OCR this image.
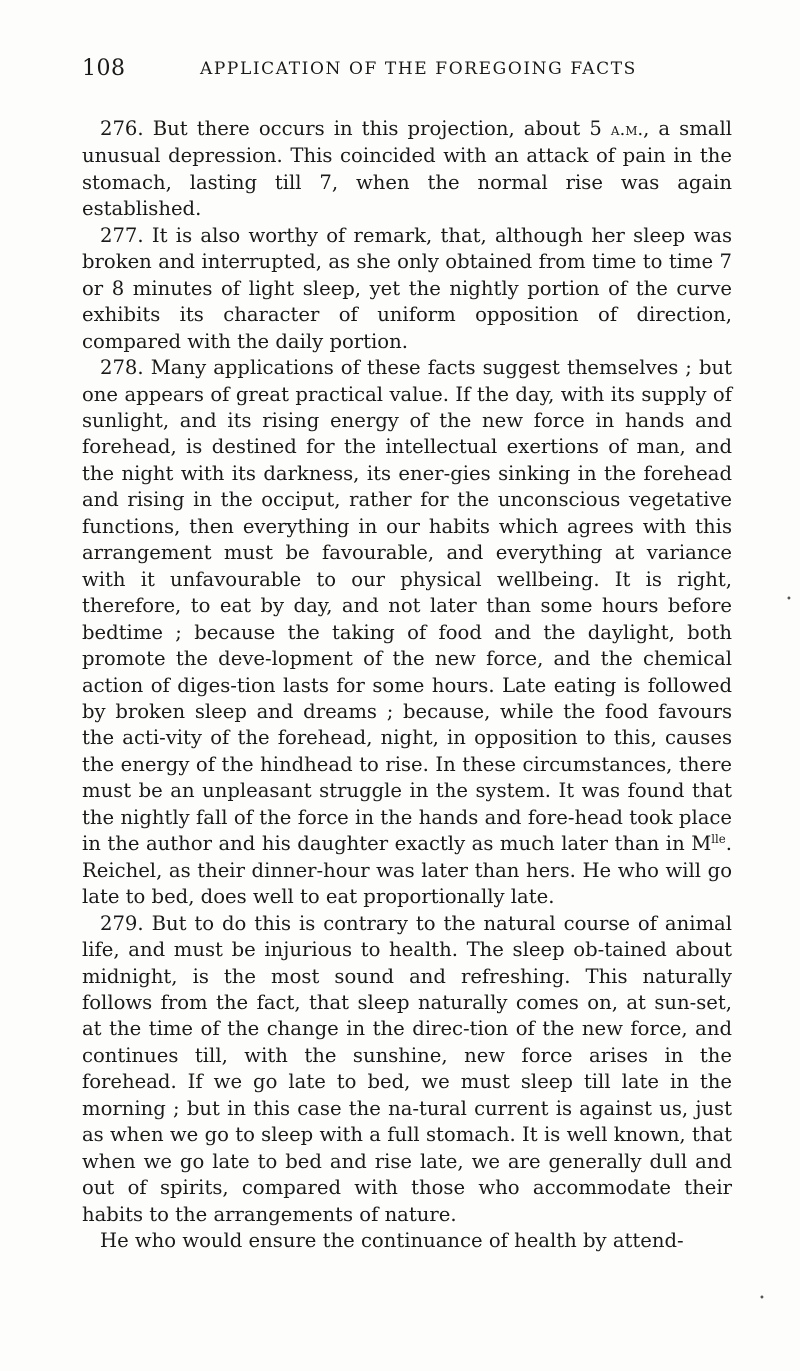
108	APPLICATION OF THE FOREGOING FACTS

276. But there occurs in this projection, about 5 a.m., a small unusual depression. This coincided with an attack of pain in the stomach, lasting till 7, when the normal rise was again established.

277. It is also worthy of remark, that, although her sleep was broken and interrupted, as she only obtained from time to time 7 or 8 minutes of light sleep, yet the nightly portion of the curve exhibits its character of uniform opposition of direction, compared with the daily portion.

278. Many applications of these facts suggest themselves ; but one appears of great practical value. If the day, with its supply of sunlight, and its rising energy of the new force in hands and forehead, is destined for the intellectual exertions of man, and the night with its darkness, its ener-gies sinking in the forehead and rising in the occiput, rather for the unconscious vegetative functions, then everything in our habits which agrees with this arrangement must be favourable, and everything at variance with it unfavourable to our physical wellbeing. It is right, therefore, to eat by day, and not later than some hours before bedtime ; because the taking of food and the daylight, both promote the deve-lopment of the new force, and the chemical action of diges-tion lasts for some hours. Late eating is followed by broken sleep and dreams ; because, while the food favours the acti-vity of the forehead, night, in opposition to this, causes the energy of the hindhead to rise. In these circumstances, there must be an unpleasant struggle in the system. It was found that the nightly fall of the force in the hands and fore-head took place in the author and his daughter exactly as much later than in $M^{lle}$. Reichel, as their dinner-hour was later than hers. He who will go late to bed, does well to eat proportionally late.

279. But to do this is contrary to the natural course of animal life, and must be injurious to health. The sleep ob-tained about midnight, is the most sound and refreshing. This naturally follows from the fact, that sleep naturally comes on, at sun-set, at the time of the change in the direc-tion of the new force, and continues till, with the sunshine, new force arises in the forehead. If we go late to bed, we must sleep till late in the morning ; but in this case the na-tural current is against us, just as when we go to sleep with a full stomach. It is well known, that when we go late to bed and rise late, we are generally dull and out of spirits, compared with those who accommodate their habits to the arrangements of nature.

He who would ensure the continuance of health by attend-

•
•
